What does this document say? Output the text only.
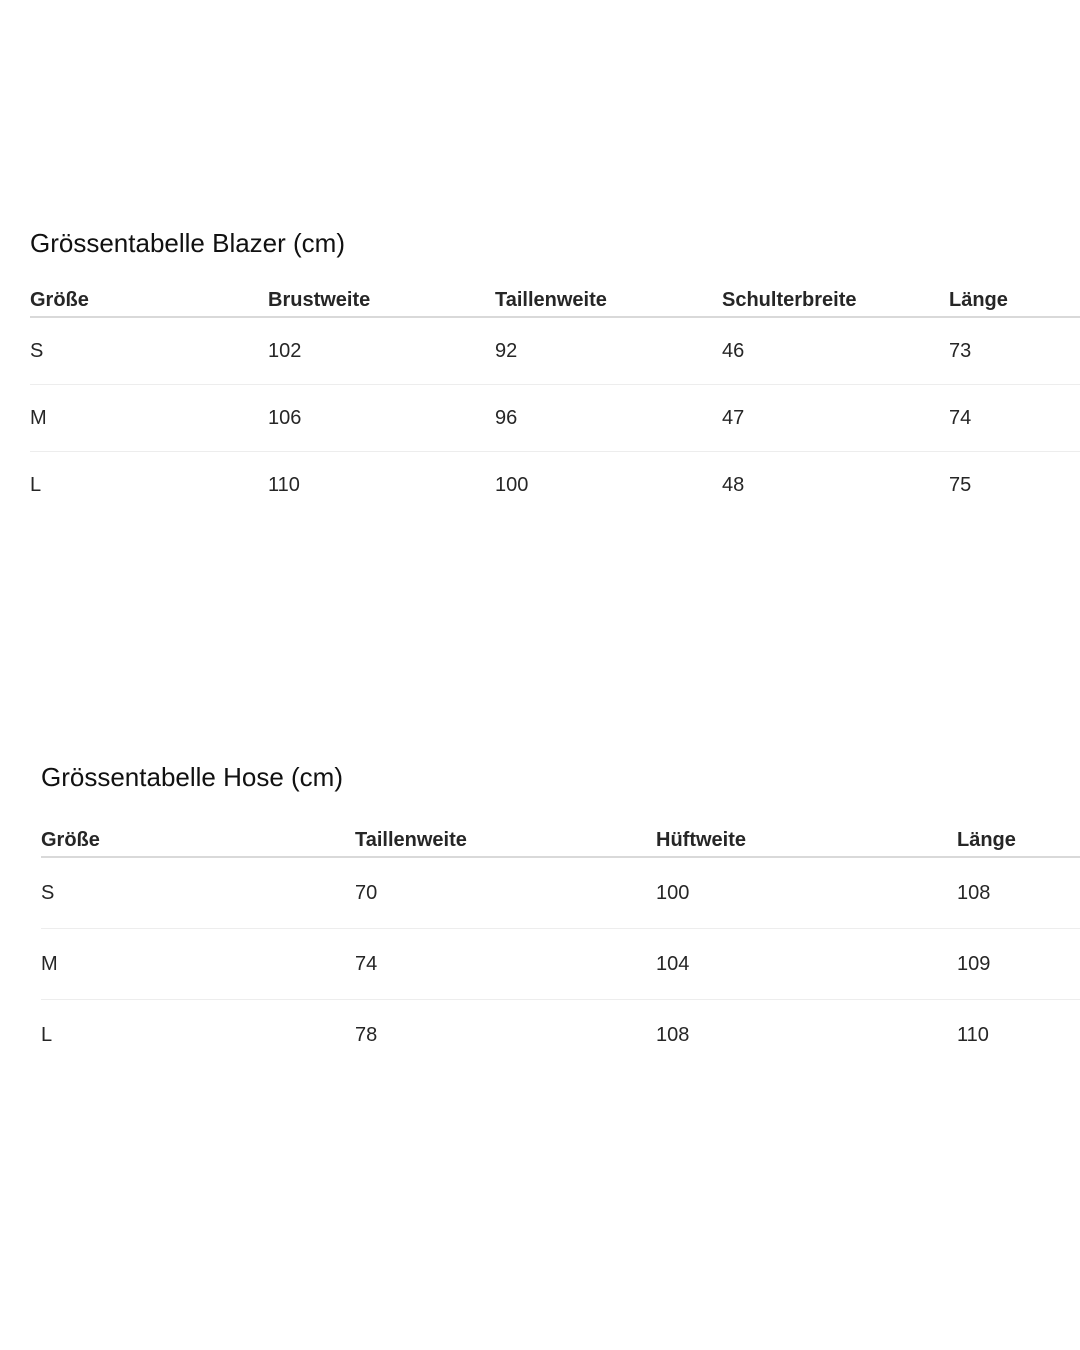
Grössentabelle Blazer (cm)
Größe	Brustweite	Taillenweite	Schulterbreite	Länge
S	102	92	46	73
M	106	96	47	74
L	110	100	48	75
Grössentabelle Hose (cm)
Größe	Taillenweite	Hüftweite	Länge
S	70	100	108
M	74	104	109
L	78	108	110
